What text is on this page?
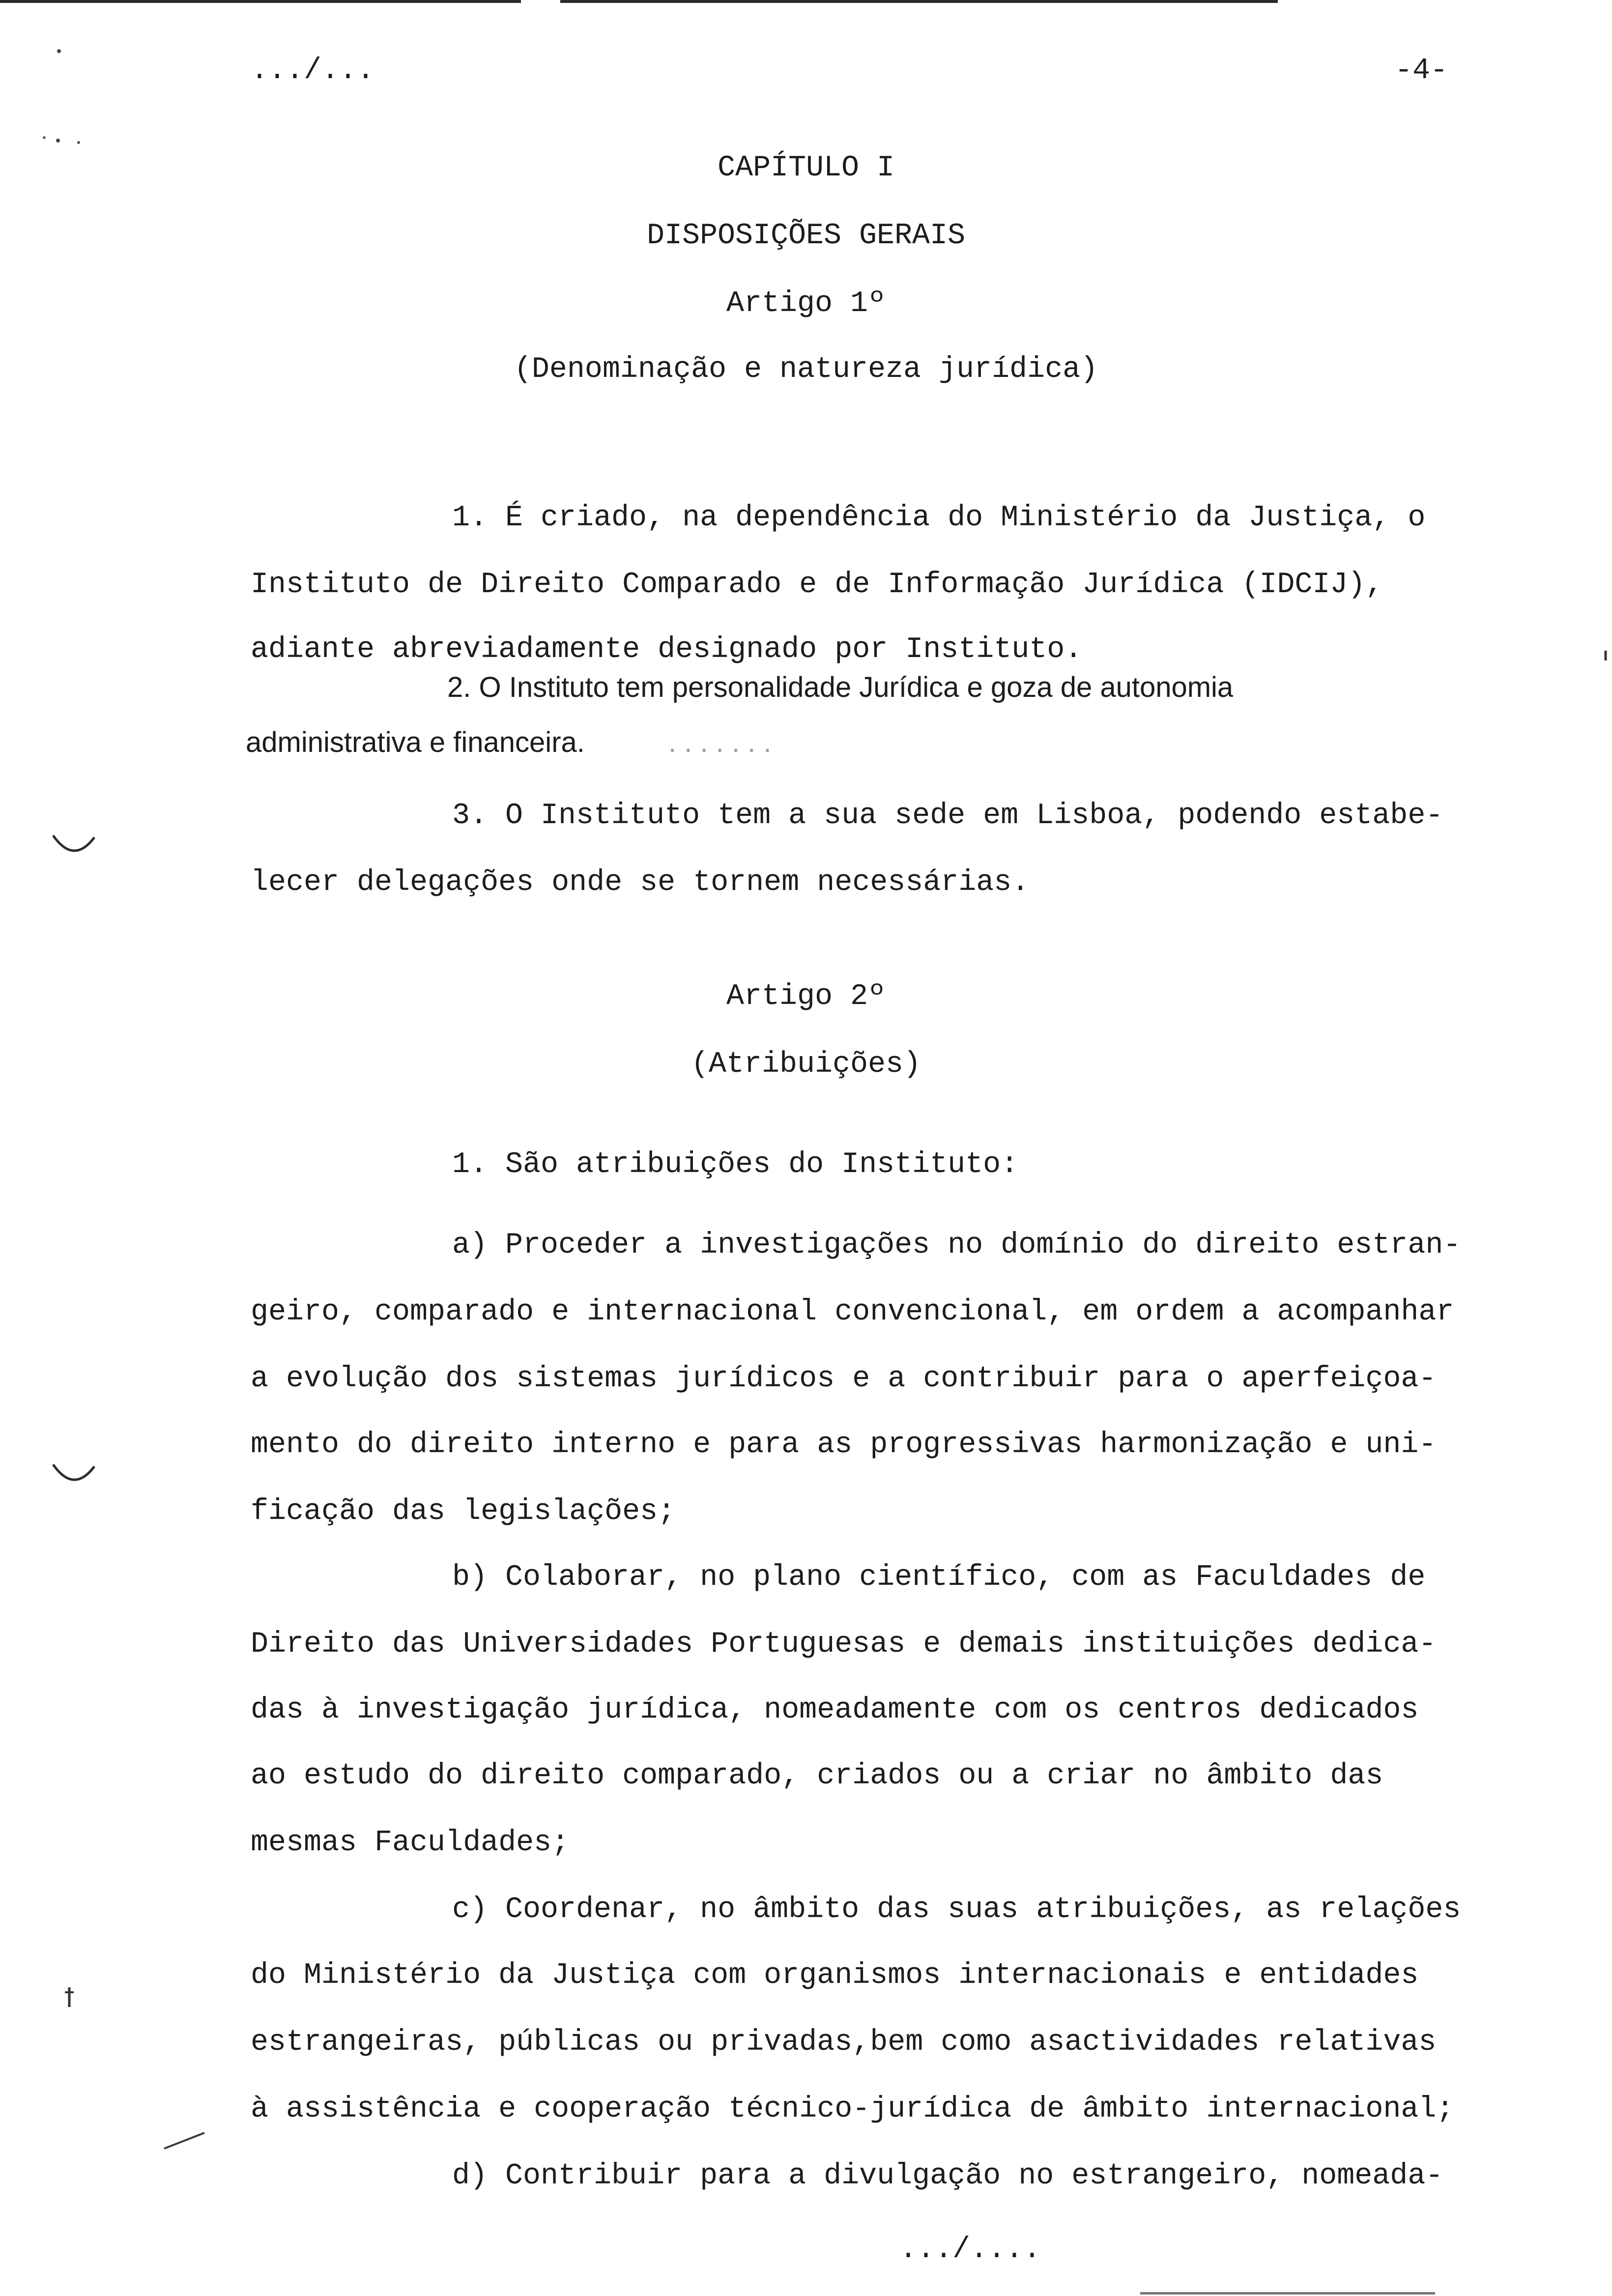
.../...	-4-
CAPÍTULO I
DISPOSIÇÕES GERAIS
Artigo 1º
(Denominação e natureza jurídica)
1. É criado, na dependência do Ministério da Justiça, o
Instituto de Direito Comparado e de Informação Jurídica (IDCIJ),
adiante abreviadamente designado por Instituto.
2. O Instituto tem personalidade Jurídica e goza de autonomia
administrativa e financeira.	. . . . . . .
3. O Instituto tem a sua sede em Lisboa, podendo estabe-
lecer delegações onde se tornem necessárias.
Artigo 2º
(Atribuições)
1. São atribuições do Instituto:
a) Proceder a investigações no domínio do direito estran-
geiro, comparado e internacional convencional, em ordem a acompanhar
a evolução dos sistemas jurídicos e a contribuir para o aperfeiçoa-
mento do direito interno e para as progressivas harmonização e uni-
ficação das legislações;
b) Colaborar, no plano científico, com as Faculdades de
Direito das Universidades Portuguesas e demais instituições dedica-
das à investigação jurídica, nomeadamente com os centros dedicados
ao estudo do direito comparado, criados ou a criar no âmbito das
mesmas Faculdades;
c) Coordenar, no âmbito das suas atribuições, as relações
do Ministério da Justiça com organismos internacionais e entidades
estrangeiras, públicas ou privadas,bem como asactividades relativas
à assistência e cooperação técnico-jurídica de âmbito internacional;
d) Contribuir para a divulgação no estrangeiro, nomeada-
.../....
